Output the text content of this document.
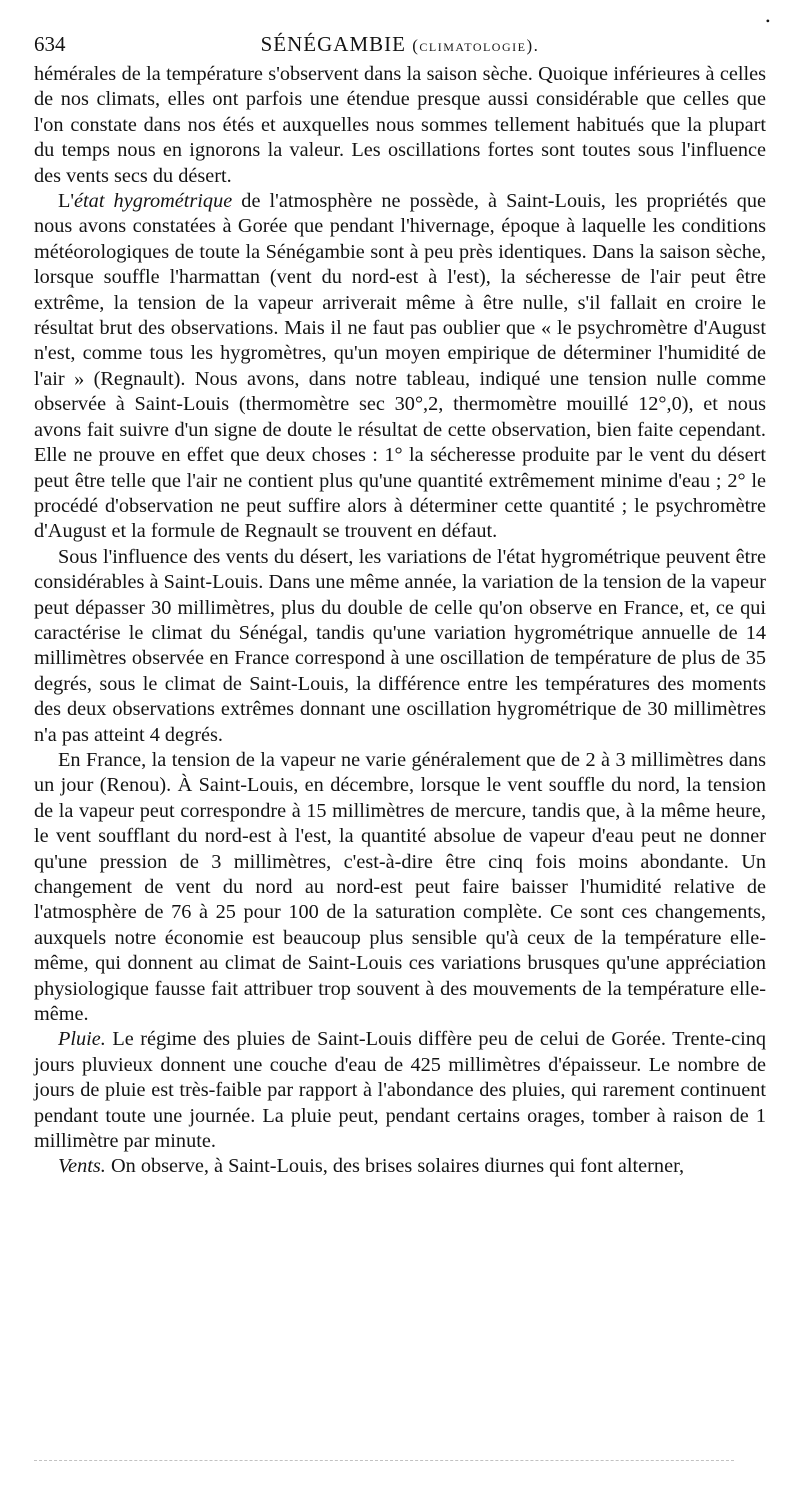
634	SÉNÉGAMBIE (climatologie).
•

hémérales de la température s'observent dans la saison sèche. Quoique inférieures à celles de nos climats, elles ont parfois une étendue presque aussi considérable que celles que l'on constate dans nos étés et auxquelles nous sommes tellement habitués que la plupart du temps nous en ignorons la valeur. Les oscillations fortes sont toutes sous l'influence des vents secs du désert.

L'état hygrométrique de l'atmosphère ne possède, à Saint-Louis, les propriétés que nous avons constatées à Gorée que pendant l'hivernage, époque à laquelle les conditions météorologiques de toute la Sénégambie sont à peu près identiques. Dans la saison sèche, lorsque souffle l'harmattan (vent du nord-est à l'est), la sécheresse de l'air peut être extrême, la tension de la vapeur arriverait même à être nulle, s'il fallait en croire le résultat brut des observations. Mais il ne faut pas oublier que « le psychromètre d'August n'est, comme tous les hygromètres, qu'un moyen empirique de déterminer l'humidité de l'air » (Regnault). Nous avons, dans notre tableau, indiqué une tension nulle comme observée à Saint-Louis (thermomètre sec 30°,2, thermomètre mouillé 12°,0), et nous avons fait suivre d'un signe de doute le résultat de cette observation, bien faite cependant. Elle ne prouve en effet que deux choses : 1° la sécheresse produite par le vent du désert peut être telle que l'air ne contient plus qu'une quantité extrêmement minime d'eau ; 2° le procédé d'observation ne peut suffire alors à déterminer cette quantité ; le psychromètre d'August et la formule de Regnault se trouvent en défaut.

Sous l'influence des vents du désert, les variations de l'état hygrométrique peuvent être considérables à Saint-Louis. Dans une même année, la variation de la tension de la vapeur peut dépasser 30 millimètres, plus du double de celle qu'on observe en France, et, ce qui caractérise le climat du Sénégal, tandis qu'une variation hygrométrique annuelle de 14 millimètres observée en France correspond à une oscillation de température de plus de 35 degrés, sous le climat de Saint-Louis, la différence entre les températures des moments des deux observations extrêmes donnant une oscillation hygrométrique de 30 millimètres n'a pas atteint 4 degrés.

En France, la tension de la vapeur ne varie généralement que de 2 à 3 millimètres dans un jour (Renou). À Saint-Louis, en décembre, lorsque le vent souffle du nord, la tension de la vapeur peut correspondre à 15 millimètres de mercure, tandis que, à la même heure, le vent soufflant du nord-est à l'est, la quantité absolue de vapeur d'eau peut ne donner qu'une pression de 3 millimètres, c'est-à-dire être cinq fois moins abondante. Un changement de vent du nord au nord-est peut faire baisser l'humidité relative de l'atmosphère de 76 à 25 pour 100 de la saturation complète. Ce sont ces changements, auxquels notre économie est beaucoup plus sensible qu'à ceux de la température elle-même, qui donnent au climat de Saint-Louis ces variations brusques qu'une appréciation physiologique fausse fait attribuer trop souvent à des mouvements de la température elle-même.

Pluie. Le régime des pluies de Saint-Louis diffère peu de celui de Gorée. Trente-cinq jours pluvieux donnent une couche d'eau de 425 millimètres d'épaisseur. Le nombre de jours de pluie est très-faible par rapport à l'abondance des pluies, qui rarement continuent pendant toute une journée. La pluie peut, pendant certains orages, tomber à raison de 1 millimètre par minute.

Vents. On observe, à Saint-Louis, des brises solaires diurnes qui font alterner,
